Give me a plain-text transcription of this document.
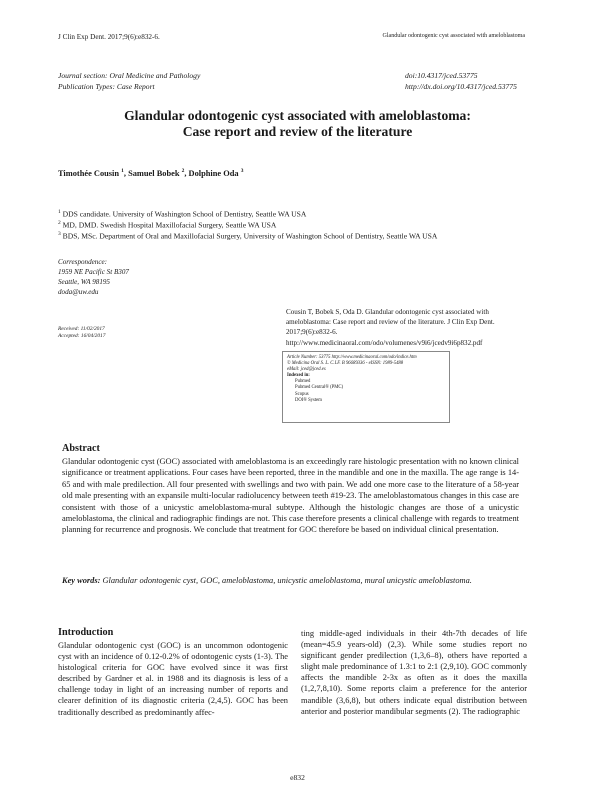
J Clin Exp Dent. 2017;9(6):e832-6.	Glandular odontogenic cyst associated with ameloblastoma
Journal section: Oral Medicine and Pathology
Publication Types: Case Report
doi:10.4317/jced.53775
http://dx.doi.org/10.4317/jced.53775
Glandular odontogenic cyst associated with ameloblastoma:
Case report and review of the literature
Timothée Cousin $^1$, Samuel Bobek $^2$, Dolphine Oda $^3$
$^1$ DDS candidate. University of Washington School of Dentistry, Seattle WA USA
$^2$ MD, DMD. Swedish Hospital Maxillofacial Surgery, Seattle WA USA
$^3$ BDS, MSc. Department of Oral and Maxillofacial Surgery, University of Washington School of Dentistry, Seattle WA USA
Correspondence:
1959 NE Pacific St B307
Seattle, WA 98195
doda@uw.edu
Received: 11/02/2017
Accepted: 16/04/2017
Cousin T, Bobek S, Oda D. Glandular odontogenic cyst associated with
ameloblastoma: Case report and review of the literature. J Clin Exp Dent.
2017;9(6):e832-6.
http://www.medicinaoral.com/odo/volumenes/v9i6/jcedv9i6p832.pdf
Article Number: 53775 http://www.medicinaoral.com/odo/indice.htm
© Medicina Oral S. L. C.I.F. B 96689336 - eISSN: 1989-5488
eMail: jced@jced.es
Indexed in:
Pubmed
Pubmed Central® (PMC)
Scopus
DOI® System
Abstract
Glandular odontogenic cyst (GOC) associated with ameloblastoma is an exceedingly rare histologic presentation with no known clinical significance or treatment applications. Four cases have been reported, three in the mandible and one in the maxilla. The age range is 14-65 and with male predilection. All four presented with swellings and two with pain. We add one more case to the literature of a 58-year old male presenting with an expansile multi-locular radiolucency between teeth #19-23. The ameloblastomatous changes in this case are consistent with those of a unicystic ameloblastoma-mural subtype. Although the histologic changes are those of a unicystic ameloblastoma, the clinical and radiographic findings are not. This case therefore presents a clinical challenge with regards to treatment planning for recurrence and prognosis. We conclude that treatment for GOC therefore be based on individual clinical presentation.
Key words: Glandular odontogenic cyst, GOC, ameloblastoma, unicystic ameloblastoma, mural unicystic ameloblastoma.
Introduction
Glandular odontogenic cyst (GOC) is an uncommon odontogenic cyst with an incidence of 0.12-0.2% of odontogenic cysts (1-3). The histological criteria for GOC have evolved since it was first described by Gardner et al. in 1988 and its diagnosis is less of a challenge today in light of an increasing number of reports and clearer definition of its diagnostic criteria (2,4,5). GOC has been traditionally described as predominantly affec-
ting middle-aged individuals in their 4th-7th decades of life (mean=45.9 years-old) (2,3). While some studies report no significant gender predilection (1,3,6–8), others have reported a slight male predominance of 1.3:1 to 2:1 (2,9,10). GOC commonly affects the mandible 2-3x as often as it does the maxilla (1,2,7,8,10). Some reports claim a preference for the anterior mandible (3,6,8), but others indicate equal distribution between anterior and posterior mandibular segments (2). The radiographic
e832
